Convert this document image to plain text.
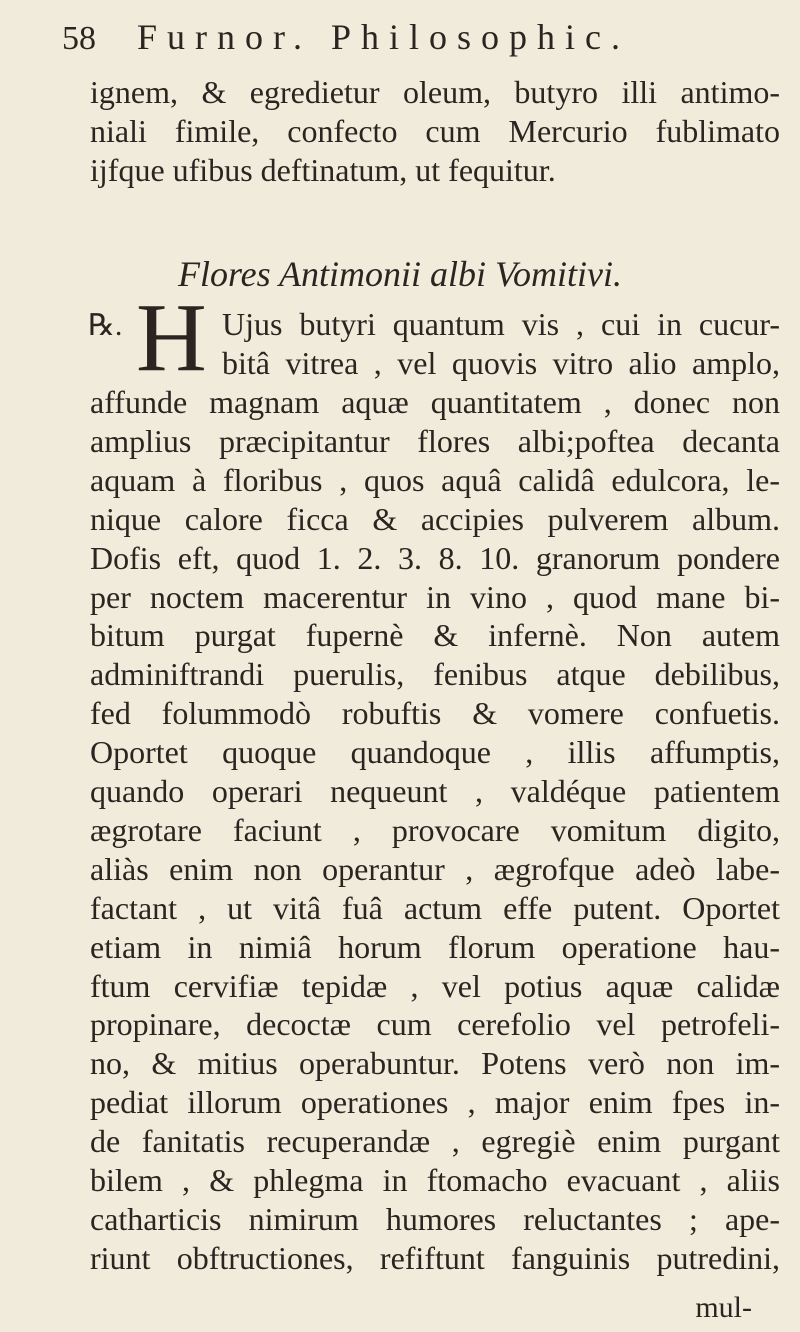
58 Furnor. Philosophic.
ignem, & egredietur oleum, butyro illi antimo-
niali fimile, confecto cum Mercurio fublimato
ijfque ufibus deftinatum, ut fequitur.
Flores Antimonii albi Vomitivi.
℞. H Ujus butyri quantum vis , cui in cucur-
bitâ vitrea , vel quovis vitro alio amplo,
affunde magnam aquæ quantitatem , donec non
amplius præcipitantur flores albi;poftea decanta
aquam à floribus , quos aquâ calidâ edulcora, le-
nique calore ficca & accipies pulverem album.
Dofis eft, quod 1. 2. 3. 8. 10. granorum pondere
per noctem macerentur in vino , quod mane bi-
bitum purgat fupernè & infernè. Non autem
adminiftrandi puerulis, fenibus atque debilibus,
fed folummodò robuftis & vomere confuetis.
Oportet quoque quandoque , illis affumptis,
quando operari nequeunt , valdéque patientem
ægrotare faciunt , provocare vomitum digito,
aliàs enim non operantur , ægrofque adeò labe-
factant , ut vitâ fuâ actum effe putent. Oportet
etiam in nimiâ horum florum operatione hau-
ftum cervifiæ tepidæ , vel potius aquæ calidæ
propinare, decoctæ cum cerefolio vel petrofeli-
no, & mitius operabuntur. Potens verò non im-
pediat illorum operationes , major enim fpes in-
de fanitatis recuperandæ , egregiè enim purgant
bilem , & phlegma in ftomacho evacuant , aliis
catharticis nimirum humores reluctantes ; ape-
riunt obftructiones, refiftunt fanguinis putredini,
mul-
